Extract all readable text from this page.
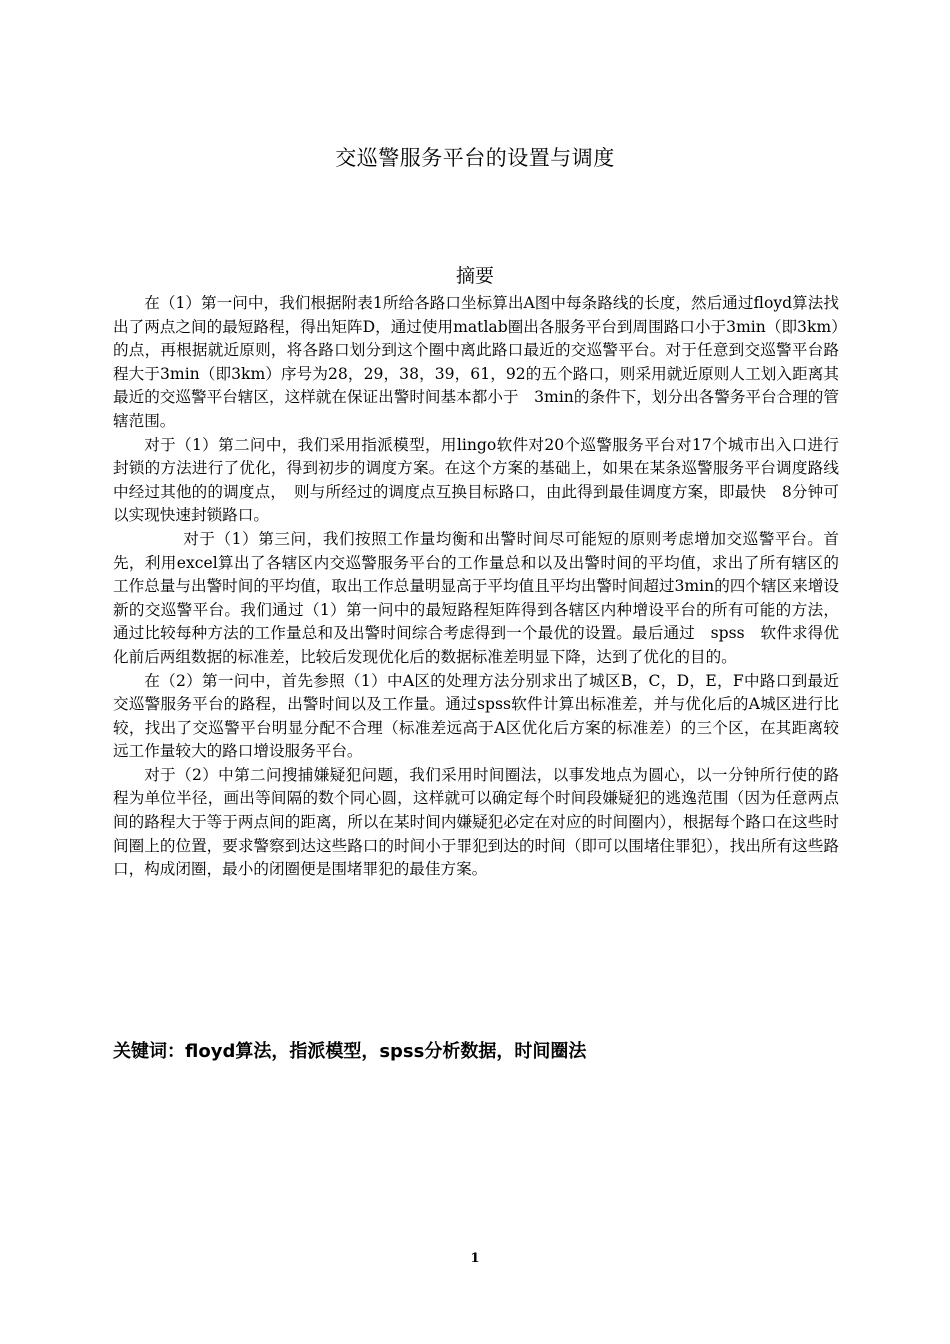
交巡警服务平台的设置与调度
摘要

在（1）第一问中，我们根据附表1所给各路口坐标算出A图中每条路线的长度，然后通过floyd算法找出了两点之间的最短路程，得出矩阵D，通过使用matlab圈出各服务平台到周围路口小于3min（即3km）的点，再根据就近原则，将各路口划分到这个圈中离此路口最近的交巡警平台。对于任意到交巡警平台路程大于3min（即3km）序号为28，29，38，39，61，92的五个路口，则采用就近原则人工划入距离其最近的交巡警平台辖区，这样就在保证出警时间基本都小于　3min的条件下，划分出各警务平台合理的管辖范围。

对于（1）第二问中，我们采用指派模型，用lingo软件对20个巡警服务平台对17个城市出入口进行封锁的方法进行了优化，得到初步的调度方案。在这个方案的基础上，如果在某条巡警服务平台调度路线中经过其他的的调度点，　则与所经过的调度点互换目标路口，由此得到最佳调度方案，即最快　8分钟可以实现快速封锁路口。

对于（1）第三问，我们按照工作量均衡和出警时间尽可能短的原则考虑增加交巡警平台。首先，利用excel算出了各辖区内交巡警服务平台的工作量总和以及出警时间的平均值，求出了所有辖区的工作总量与出警时间的平均值，取出工作总量明显高于平均值且平均出警时间超过3min的四个辖区来增设新的交巡警平台。我们通过（1）第一问中的最短路程矩阵得到各辖区内种增设平台的所有可能的方法，通过比较每种方法的工作量总和及出警时间综合考虑得到一个最优的设置。最后通过　spss　软件求得优化前后两组数据的标准差，比较后发现优化后的数据标准差明显下降，达到了优化的目的。

在（2）第一问中，首先参照（1）中A区的处理方法分别求出了城区B，C，D，E，F中路口到最近交巡警服务平台的路程，出警时间以及工作量。通过spss软件计算出标准差，并与优化后的A城区进行比较，找出了交巡警平台明显分配不合理（标准差远高于A区优化后方案的标准差）的三个区，在其距离较远工作量较大的路口增设服务平台。

对于（2）中第二问搜捕嫌疑犯问题，我们采用时间圈法，以事发地点为圆心，以一分钟所行使的路程为单位半径，画出等间隔的数个同心圆，这样就可以确定每个时间段嫌疑犯的逃逸范围（因为任意两点间的路程大于等于两点间的距离，所以在某时间内嫌疑犯必定在对应的时间圈内），根据每个路口在这些时间圈上的位置，要求警察到达这些路口的时间小于罪犯到达的时间（即可以围堵住罪犯），找出所有这些路口，构成闭圈，最小的闭圈便是围堵罪犯的最佳方案。

关键词：floyd算法，指派模型，spss分析数据，时间圈法
1
